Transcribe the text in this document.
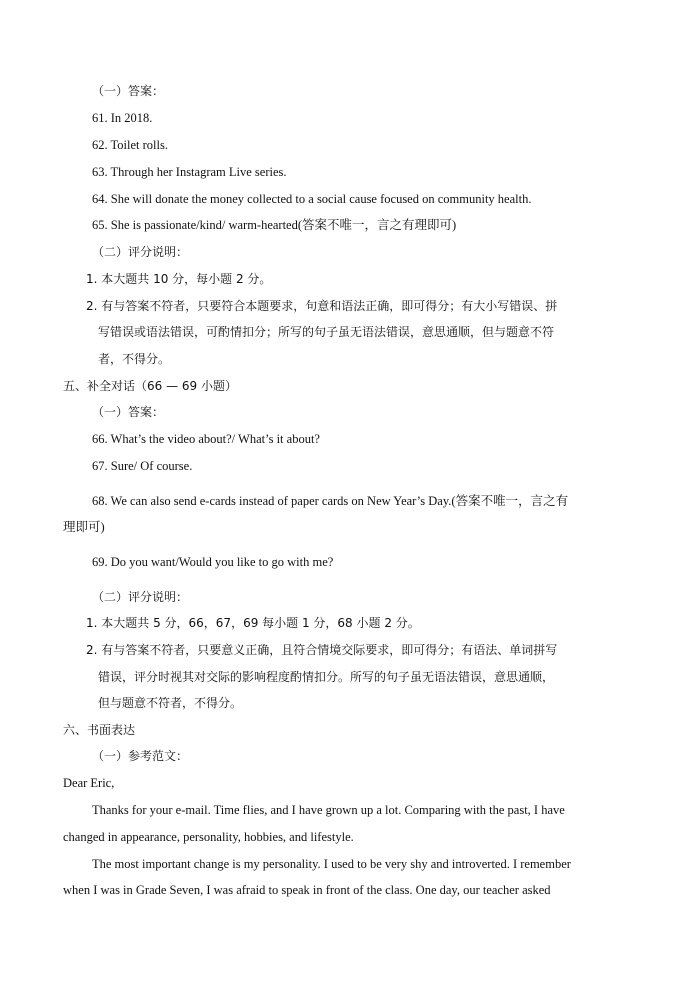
（一）答案：
61. In 2018.
62. Toilet rolls.
63. Through her Instagram Live series.
64. She will donate the money collected to a social cause focused on community health.
65. She is passionate/kind/ warm-hearted(答案不唯一，言之有理即可)
（二）评分说明：
1. 本大题共 10 分，每小题 2 分。
2. 有与答案不符者，只要符合本题要求，句意和语法正确，即可得分；有大小写错误、拼
写错误或语法错误，可酌情扣分；所写的句子虽无语法错误，意思通顺，但与题意不符
者，不得分。
五、补全对话（66 — 69 小题）
（一）答案：
66. What’s the video about?/ What’s it about?
67. Sure/ Of course.
68. We can also send e-cards instead of paper cards on New Year’s Day.(答案不唯一，言之有
理即可)
69. Do you want/Would you like to go with me?
（二）评分说明：
1. 本大题共 5 分，66，67，69 每小题 1 分，68 小题 2 分。
2. 有与答案不符者，只要意义正确，且符合情境交际要求，即可得分；有语法、单词拼写
错误，评分时视其对交际的影响程度酌情扣分。所写的句子虽无语法错误，意思通顺，
但与题意不符者，不得分。
六、书面表达
（一）参考范文：
Dear Eric,
Thanks for your e-mail. Time flies, and I have grown up a lot. Comparing with the past, I have
changed in appearance, personality, hobbies, and lifestyle.
The most important change is my personality. I used to be very shy and introverted. I remember
when I was in Grade Seven, I was afraid to speak in front of the class. One day, our teacher asked
